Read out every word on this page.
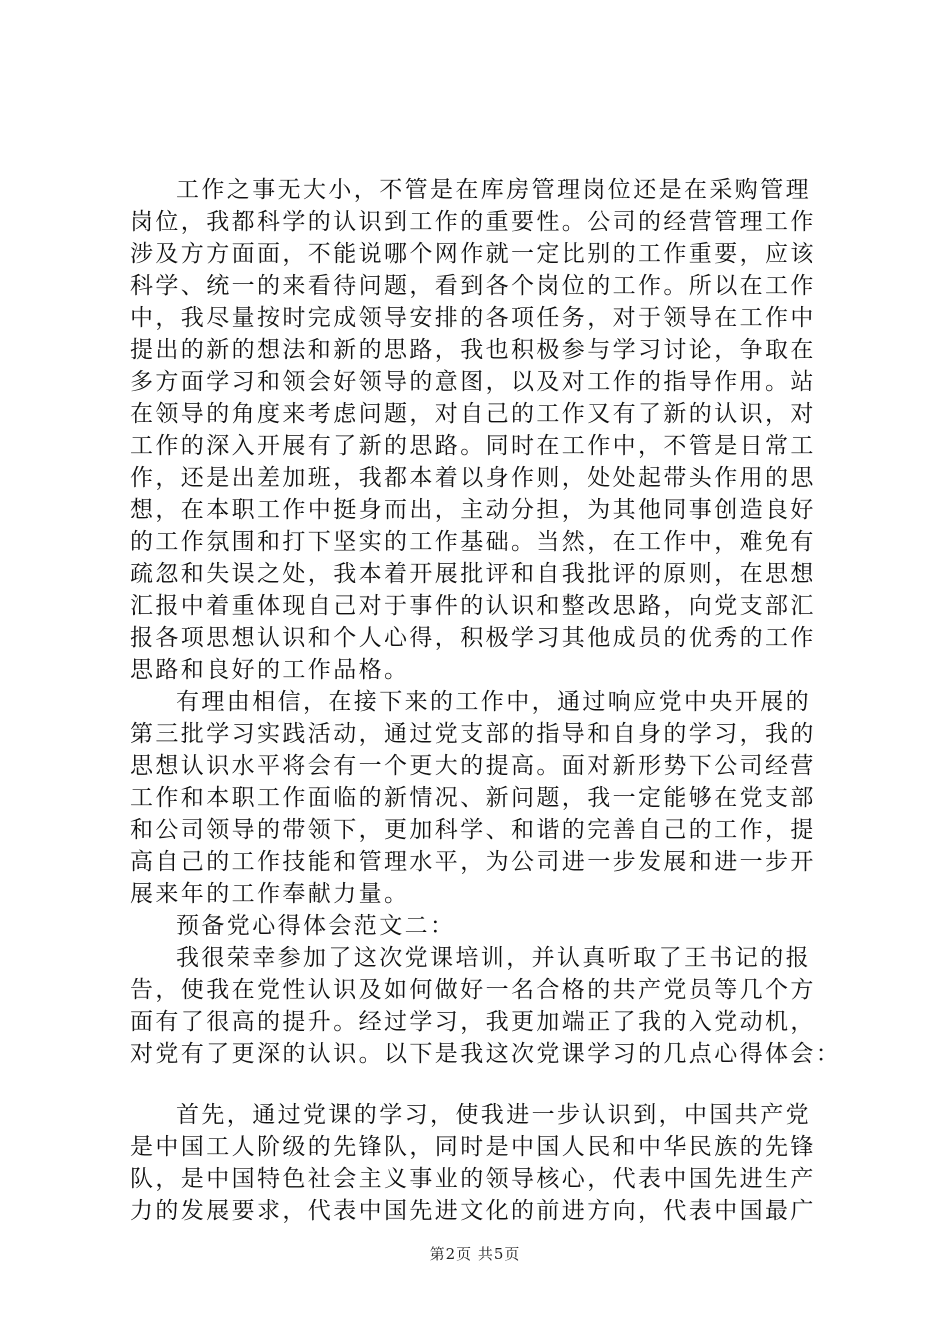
工作之事无大小，不管是在库房管理岗位还是在采购管理
岗位，我都科学的认识到工作的重要性。公司的经营管理工作
涉及方方面面，不能说哪个网作就一定比别的工作重要，应该
科学、统一的来看待问题，看到各个岗位的工作。所以在工作
中，我尽量按时完成领导安排的各项任务，对于领导在工作中
提出的新的想法和新的思路，我也积极参与学习讨论，争取在
多方面学习和领会好领导的意图，以及对工作的指导作用。站
在领导的角度来考虑问题，对自己的工作又有了新的认识，对
工作的深入开展有了新的思路。同时在工作中，不管是日常工
作，还是出差加班，我都本着以身作则，处处起带头作用的思
想，在本职工作中挺身而出，主动分担，为其他同事创造良好
的工作氛围和打下坚实的工作基础。当然，在工作中，难免有
疏忽和失误之处，我本着开展批评和自我批评的原则，在思想
汇报中着重体现自己对于事件的认识和整改思路，向党支部汇
报各项思想认识和个人心得，积极学习其他成员的优秀的工作
思路和良好的工作品格。
有理由相信，在接下来的工作中，通过响应党中央开展的
第三批学习实践活动，通过党支部的指导和自身的学习，我的
思想认识水平将会有一个更大的提高。面对新形势下公司经营
工作和本职工作面临的新情况、新问题，我一定能够在党支部
和公司领导的带领下，更加科学、和谐的完善自己的工作，提
高自己的工作技能和管理水平，为公司进一步发展和进一步开
展来年的工作奉献力量。
预备党心得体会范文二：
我很荣幸参加了这次党课培训，并认真听取了王书记的报
告，使我在党性认识及如何做好一名合格的共产党员等几个方
面有了很高的提升。经过学习，我更加端正了我的入党动机，
对党有了更深的认识。以下是我这次党课学习的几点心得体会：
首先，通过党课的学习，使我进一步认识到，中国共产党
是中国工人阶级的先锋队，同时是中国人民和中华民族的先锋
队，是中国特色社会主义事业的领导核心，代表中国先进生产
力的发展要求，代表中国先进文化的前进方向，代表中国最广
第2页 共5页
